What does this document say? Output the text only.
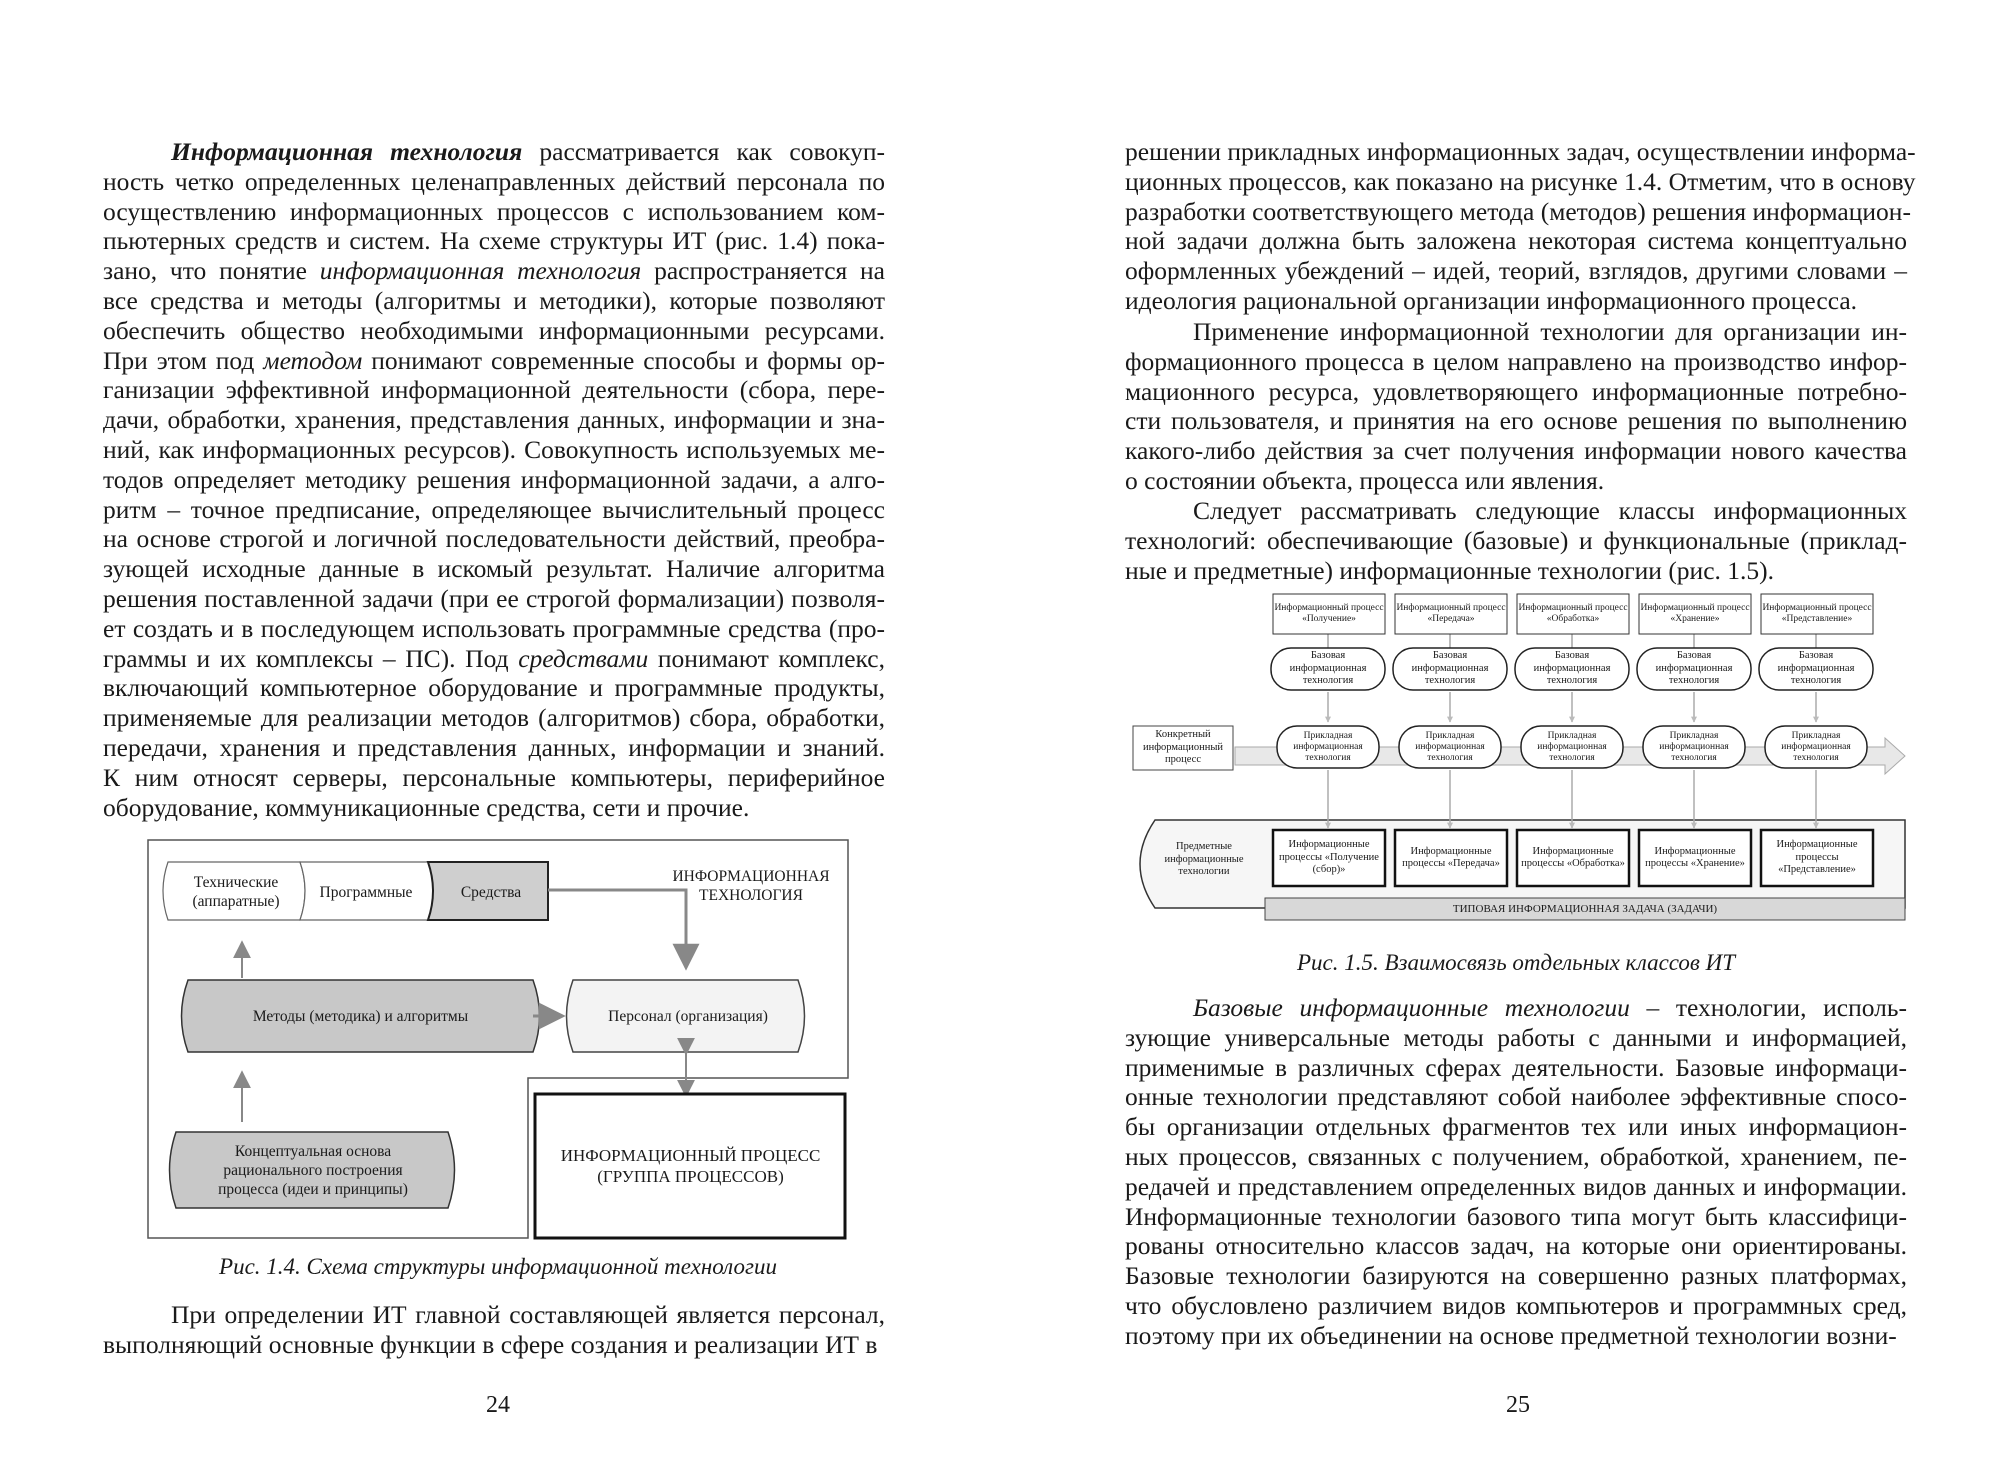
Информационная технология рассматривается как совокуп-
ность четко определенных целенаправленных действий персонала по
осуществлению информационных процессов с использованием ком-
пьютерных средств и систем. На схеме структуры ИТ (рис. 1.4) пока-
зано, что понятие информационная технология распространяется на
все средства и методы (алгоритмы и методики), которые позволяют
обеспечить общество необходимыми информационными ресурсами.
При этом под методом понимают современные способы и формы ор-
ганизации эффективной информационной деятельности (сбора, пере-
дачи, обработки, хранения, представления данных, информации и зна-
ний, как информационных ресурсов). Совокупность используемых ме-
тодов определяет методику решения информационной задачи, а алго-
ритм – точное предписание, определяющее вычислительный процесс
на основе строгой и логичной последовательности действий, преобра-
зующей исходные данные в искомый результат. Наличие алгоритма
решения поставленной задачи (при ее строгой формализации) позволя-
ет создать и в последующем использовать программные средства (про-
граммы и их комплексы – ПС). Под средствами понимают комплекс,
включающий компьютерное оборудование и программные продукты,
применяемые для реализации методов (алгоритмов) сбора, обработки,
передачи, хранения и представления данных, информации и знаний.
К ним относят серверы, персональные компьютеры, периферийное
оборудование, коммуникационные средства, сети и прочие.

Технические (аппаратные)
Программные	Средства
ИНФОРМАЦИОННАЯ ТЕХНОЛОГИЯ
Методы (методика) и алгоритмы	Персонал (организация)
Концептуальная основа рационального построения процесса (идеи и принципы)
ИНФОРМАЦИОННЫЙ ПРОЦЕСС (ГРУППА ПРОЦЕССОВ)
Рис. 1.4. Схема структуры информационной технологии

При определении ИТ главной составляющей является персонал,
выполняющий основные функции в сфере создания и реализации ИТ в

24

решении прикладных информационных задач, осуществлении информа-
ционных процессов, как показано на рисунке 1.4. Отметим, что в основу
разработки соответствующего метода (методов) решения информацион-
ной задачи должна быть заложена некоторая система концептуально
оформленных убеждений – идей, теорий, взглядов, другими словами –
идеология рациональной организации информационного процесса.

Применение информационной технологии для организации ин-
формационного процесса в целом направлено на производство инфор-
мационного ресурса, удовлетворяющего информационные потребно-
сти пользователя, и принятия на его основе решения по выполнению
какого-либо действия за счет получения информации нового качества
о состоянии объекта, процесса или явления.

Следует рассматривать следующие классы информационных
технологий: обеспечивающие (базовые) и функциональные (приклад-
ные и предметные) информационные технологии (рис. 1.5).

Информационный процесс «Получение»
Информационный процесс «Передача»
Информационный процесс «Обработка»
Информационный процесс «Хранение»
Информационный процесс «Представление»
Базовая информационная технология
Базовая информационная технология
Базовая информационная технология
Базовая информационная технология
Базовая информационная технология
Прикладная информационная технология
Прикладная информационная технология
Прикладная информационная технология
Прикладная информационная технология
Прикладная информационная технология
Конкретный информационный процесс
Предметные информационные технологии
Информационные процессы «Получение (сбор)»
Информационные процессы «Передача»
Информационные процессы «Обработка»
Информационные процессы «Хранение»
Информационные процессы «Представление»
ТИПОВАЯ ИНФОРМАЦИОННАЯ ЗАДАЧА (ЗАДАЧИ)
Рис. 1.5. Взаимосвязь отдельных классов ИТ

Базовые информационные технологии – технологии, исполь-
зующие универсальные методы работы с данными и информацией,
применимые в различных сферах деятельности. Базовые информаци-
онные технологии представляют собой наиболее эффективные спосо-
бы организации отдельных фрагментов тех или иных информацион-
ных процессов, связанных с получением, обработкой, хранением, пе-
редачей и представлением определенных видов данных и информации.
Информационные технологии базового типа могут быть классифици-
рованы относительно классов задач, на которые они ориентированы.
Базовые технологии базируются на совершенно разных платформах,
что обусловлено различием видов компьютеров и программных сред,
поэтому при их объединении на основе предметной технологии возни-

25
